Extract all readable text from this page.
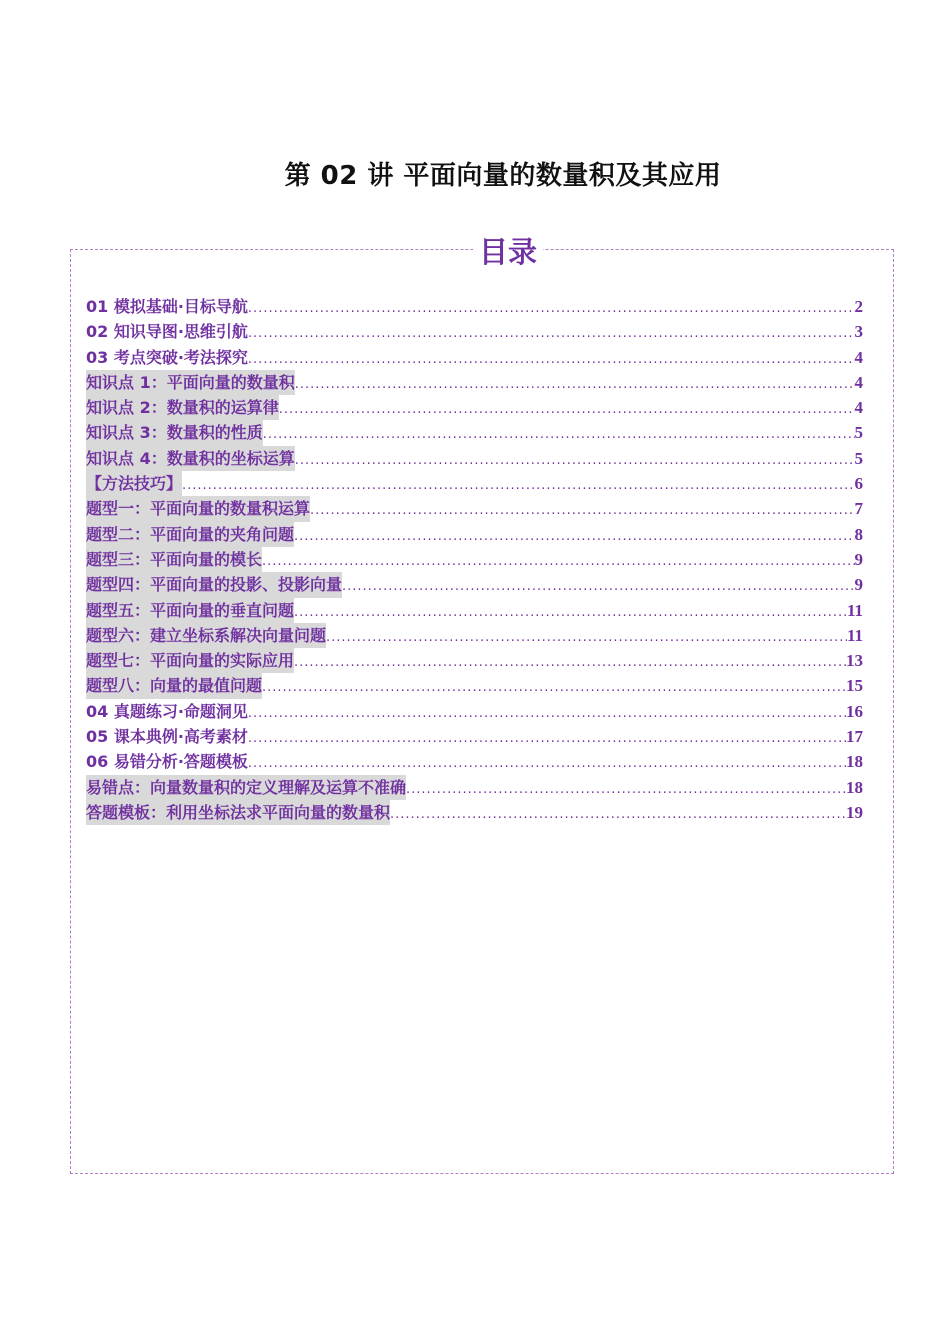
第 02 讲 平面向量的数量积及其应用
目录
01 模拟基础·目标导航 .....	2
02 知识导图·思维引航 .....	3
03 考点突破·考法探究 .....	4
知识点 1：平面向量的数量积 .....	4
知识点 2：数量积的运算律 .....	4
知识点 3：数量积的性质 .....	5
知识点 4：数量积的坐标运算 .....	5
【方法技巧】 .....	6
题型一：平面向量的数量积运算 .....	7
题型二：平面向量的夹角问题 .....	8
题型三：平面向量的模长 .....	9
题型四：平面向量的投影、投影向量 .....	9
题型五：平面向量的垂直问题 .....	11
题型六：建立坐标系解决向量问题 .....	11
题型七：平面向量的实际应用 .....	13
题型八：向量的最值问题 .....	15
04 真题练习·命题洞见 .....	16
05 课本典例·高考素材 .....	17
06 易错分析·答题模板 .....	18
易错点：向量数量积的定义理解及运算不准确 .....	18
答题模板：利用坐标法求平面向量的数量积 .....	19
